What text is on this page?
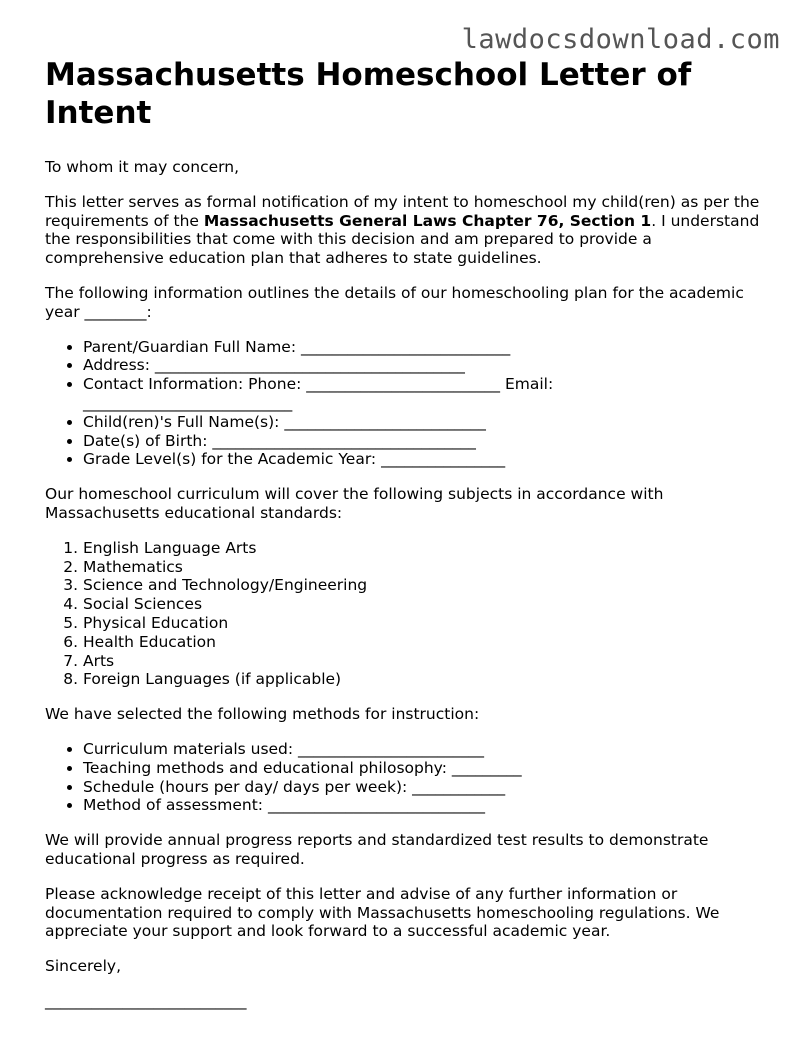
lawdocsdownload.com
Massachusetts Homeschool Letter of Intent

To whom it may concern,

This letter serves as formal notification of my intent to homeschool my child(ren) as per the requirements of the Massachusetts General Laws Chapter 76, Section 1. I understand the responsibilities that come with this decision and am prepared to provide a comprehensive education plan that adheres to state guidelines.

The following information outlines the details of our homeschooling plan for the academic year ________:

• Parent/Guardian Full Name: ___________________________
• Address: ________________________________________
• Contact Information: Phone: _________________________ Email: ___________________________
• Child(ren)'s Full Name(s): __________________________
• Date(s) of Birth: __________________________________
• Grade Level(s) for the Academic Year: ________________

Our homeschool curriculum will cover the following subjects in accordance with Massachusetts educational standards:

1. English Language Arts
2. Mathematics
3. Science and Technology/Engineering
4. Social Sciences
5. Physical Education
6. Health Education
7. Arts
8. Foreign Languages (if applicable)

We have selected the following methods for instruction:

• Curriculum materials used: ________________________
• Teaching methods and educational philosophy: _________
• Schedule (hours per day/ days per week): ____________
• Method of assessment: ____________________________

We will provide annual progress reports and standardized test results to demonstrate educational progress as required.

Please acknowledge receipt of this letter and advise of any further information or documentation required to comply with Massachusetts homeschooling regulations. We appreciate your support and look forward to a successful academic year.

Sincerely,

__________________________
